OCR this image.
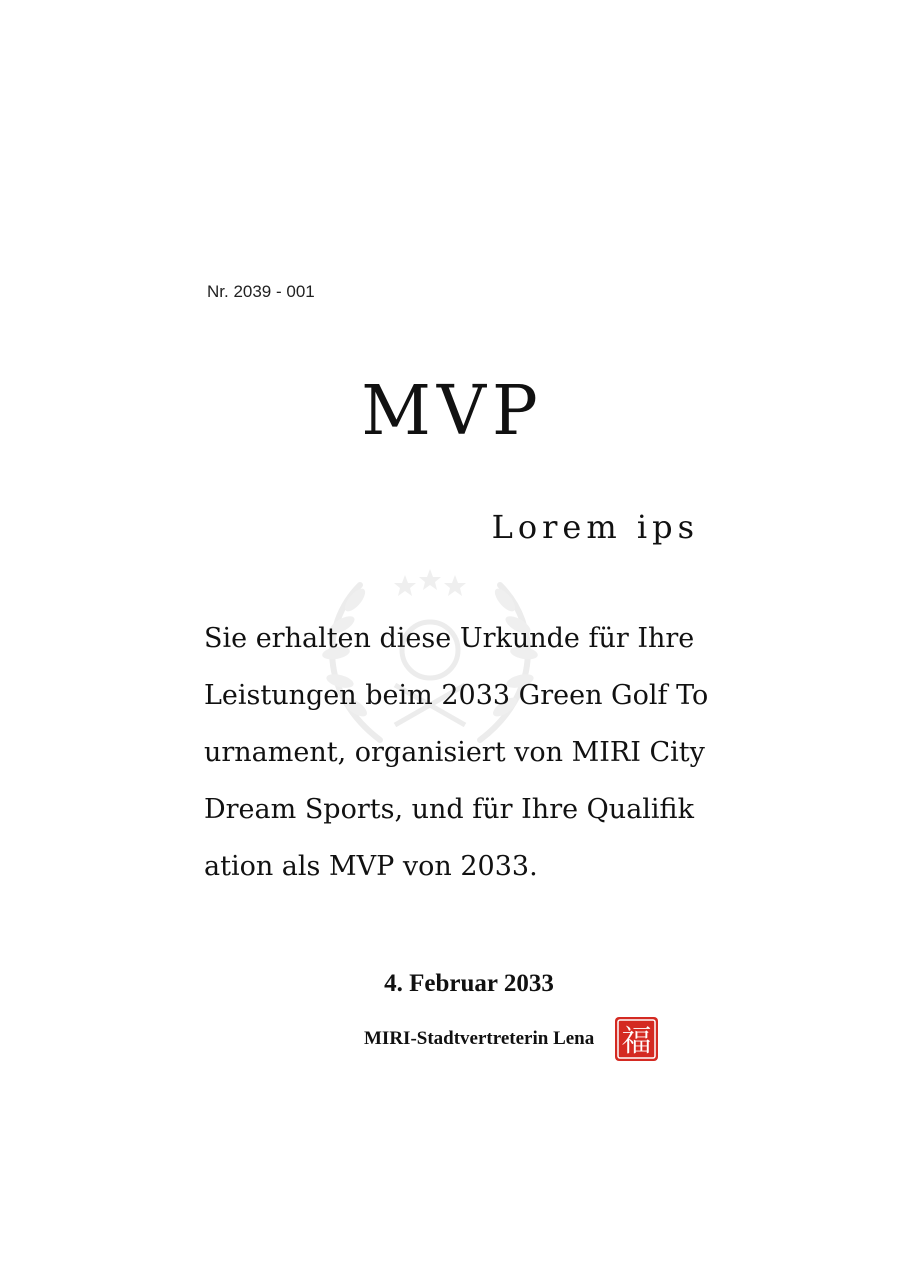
Nr. 2039 - 001

MVP

Lorem ips

Sie erhalten diese Urkunde für Ihre Leistungen beim 2033 Green Golf Tournament, organisiert von MIRI City Dream Sports, und für Ihre Qualifikation als MVP von 2033.

4. Februar 2033

福

MIRI-Stadtvertreterin Lena
